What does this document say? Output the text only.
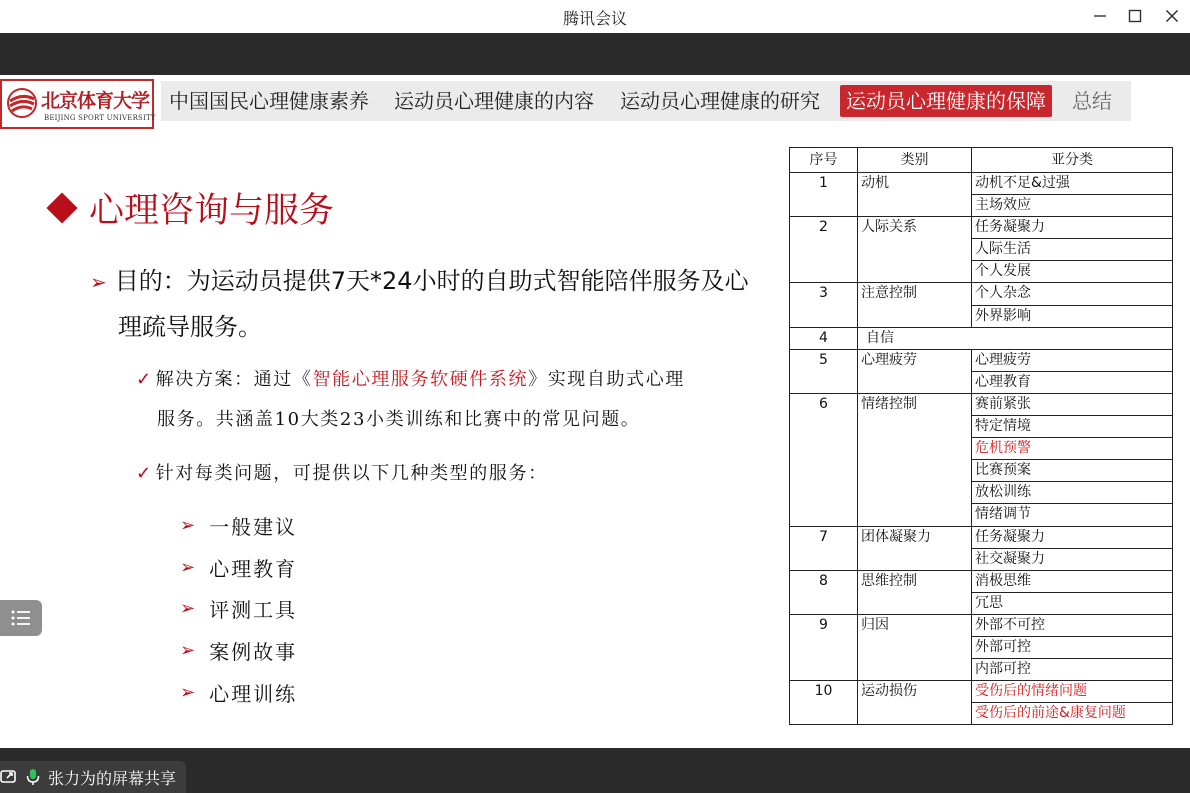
腾讯会议
北京体育大学
BEIJING SPORT UNIVERSITY
中国国民心理健康素养 运动员心理健康的内容 运动员心理健康的研究	运动员心理健康的保障	总结
心理咨询与服务
➢ 目的：为运动员提供7天*24小时的自助式智能陪伴服务及心
理疏导服务。
✓ 解决方案：通过《智能心理服务软硬件系统》实现自助式心理
服务。共涵盖10大类23小类训练和比赛中的常见问题。
✓ 针对每类问题，可提供以下几种类型的服务：
➢ 一般建议
➢ 心理教育
➢ 评测工具
➢ 案例故事
➢ 心理训练
序号	类别	亚分类
1	动机	动机不足&过强
		主场效应
2	人际关系	任务凝聚力
		人际生活
		个人发展
3	注意控制	个人杂念
		外界影响
4	自信	
5	心理疲劳	心理疲劳
		心理教育
6	情绪控制	赛前紧张
		特定情境
		危机预警
		比赛预案
		放松训练
		情绪调节
7	团体凝聚力	任务凝聚力
		社交凝聚力
8	思维控制	消极思维
		冗思
9	归因	外部不可控
		外部可控
		内部可控
10	运动损伤	受伤后的情绪问题
		受伤后的前途&康复问题
张力为的屏幕共享
